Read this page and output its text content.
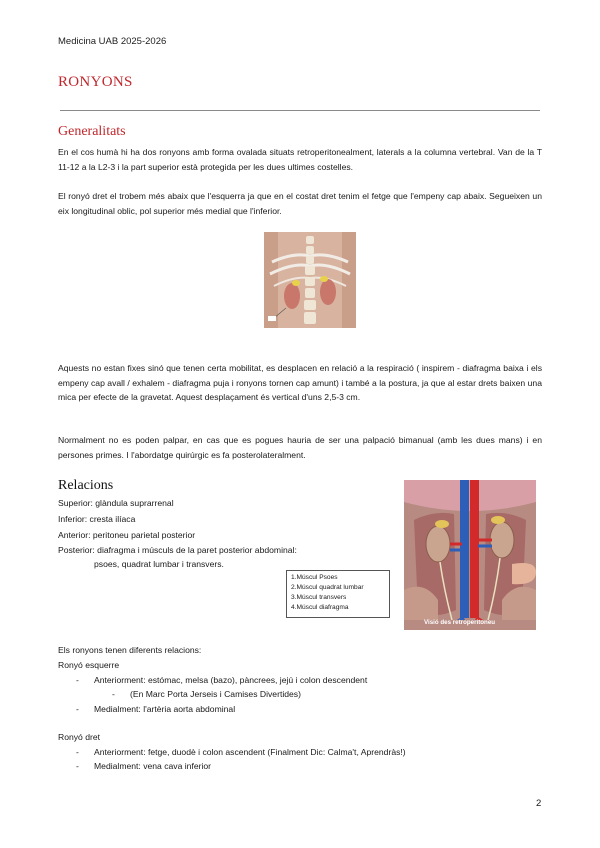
Medicina UAB 2025-2026
RONYONS
Generalitats
En el cos humà hi ha dos ronyons amb forma ovalada situats retroperitonealment, laterals a la columna vertebral. Van de la T 11-12 a la L2-3 i la part superior està protegida per les dues ultimes costelles.
El ronyó dret el trobem més abaix que l'esquerra ja que en el costat dret tenim el fetge que l'empeny cap abaix. Segueixen un eix longitudinal oblic, pol superior més medial que l'inferior.
Aquests no estan fixes sinó que tenen certa mobilitat, es desplacen en relació a la respiració ( inspirem - diafragma baixa i els empeny cap avall / exhalem - diafragma puja i ronyons tornen cap amunt) i també a la postura, ja que al estar drets baixen una mica per efecte de la gravetat. Aquest desplaçament és vertical d'uns 2,5-3 cm.
Normalment no es poden palpar, en cas que es pogues hauria de ser una palpació bimanual (amb les dues mans) i en persones primes. I l'abordatge quirúrgic es fa posterolateralment.
Relacions
Superior: glàndula suprarrenal
Inferior: cresta ilíaca
Anterior: peritoneu parietal posterior
Posterior: diafragma i músculs de la paret posterior abdominal:
psoes, quadrat lumbar i transvers.
1.Múscul Psoes
2.Múscul quadrat lumbar
3.Múscul transvers
4.Múscul diafragma
Visió des retroperitoneu
Els ronyons tenen diferents relacions:
Ronyó esquerre
- Anteriorment: estómac, melsa (bazo), pàncrees, jejú i colon descendent
- (En Marc Porta Jerseis i Camises Divertides)
- Medialment: l'artèria aorta abdominal
Ronyó dret
- Anteriorment: fetge, duodè i colon ascendent (Finalment Dic: Calma't, Aprendràs!)
- Medialment: vena cava inferior
2
